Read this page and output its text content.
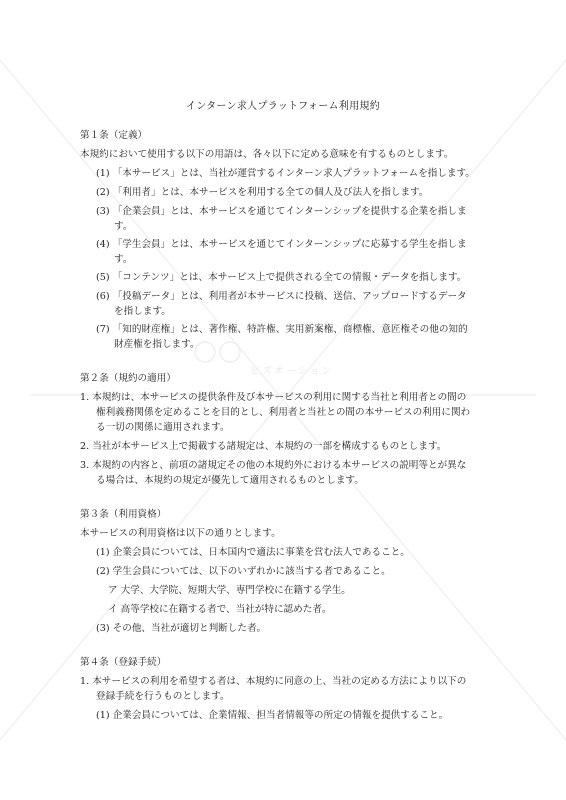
ビズオーション
インターン求人プラットフォーム利用規約
第１条（定義）
本規約において使用する以下の用語は、各々以下に定める意味を有するものとします。
(1) 「本サービス」とは、当社が運営するインターン求人プラットフォームを指します。
(2) 「利用者」とは、本サービスを利用する全ての個人及び法人を指します。
(3) 「企業会員」とは、本サービスを通じてインターンシップを提供する企業を指しま
す。
(4) 「学生会員」とは、本サービスを通じてインターンシップに応募する学生を指しま
す。
(5) 「コンテンツ」とは、本サービス上で提供される全ての情報・データを指します。
(6) 「投稿データ」とは、利用者が本サービスに投稿、送信、アップロードするデータ
を指します。
(7) 「知的財産権」とは、著作権、特許権、実用新案権、商標権、意匠権その他の知的
財産権を指します。
第２条（規約の適用）
1. 本規約は、本サービスの提供条件及び本サービスの利用に関する当社と利用者との間の
権利義務関係を定めることを目的とし、利用者と当社との間の本サービスの利用に関わ
る一切の関係に適用されます。
2. 当社が本サービス上で掲載する諸規定は、本規約の一部を構成するものとします。
3. 本規約の内容と、前項の諸規定その他の本規約外における本サービスの説明等とが異な
る場合は、本規約の規定が優先して適用されるものとします。
第３条（利用資格）
本サービスの利用資格は以下の通りとします。
(1) 企業会員については、日本国内で適法に事業を営む法人であること。
(2) 学生会員については、以下のいずれかに該当する者であること。
ア 大学、大学院、短期大学、専門学校に在籍する学生。
イ 高等学校に在籍する者で、当社が特に認めた者。
(3) その他、当社が適切と判断した者。
第４条（登録手続）
1. 本サービスの利用を希望する者は、本規約に同意の上、当社の定める方法により以下の
登録手続を行うものとします。
(1) 企業会員については、企業情報、担当者情報等の所定の情報を提供すること。
